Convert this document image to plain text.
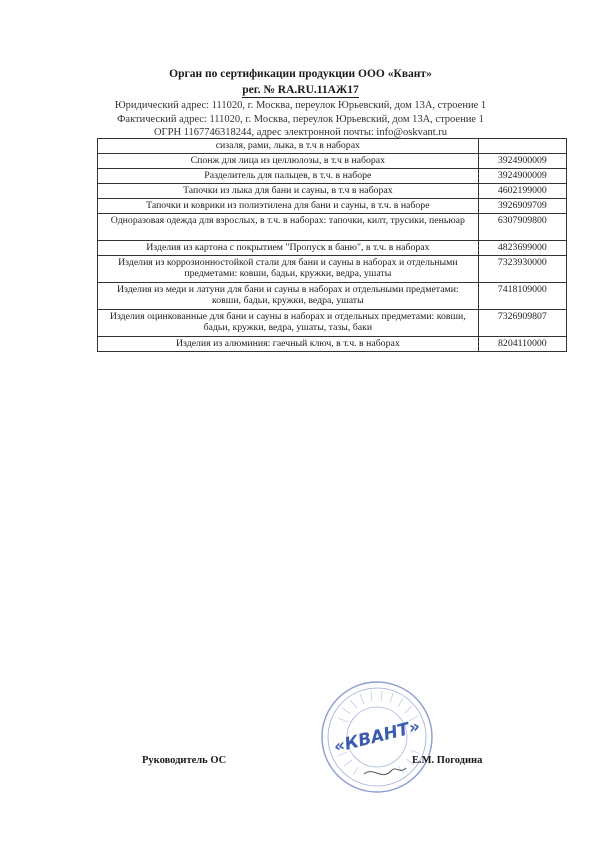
Орган по сертификации продукции ООО «Квант»
рег. № RA.RU.11АЖ17
Юридический адрес: 111020, г. Москва, переулок Юрьевский, дом 13А, строение 1
Фактический адрес: 111020, г. Москва, переулок Юрьевский, дом 13А, строение 1
ОГРН 1167746318244, адрес электронной почты: info@oskvant.ru
сизаля, рами, лыка, в т.ч в наборах	
Спонж для лица из целлюлозы, в т.ч в наборах	3924900009
Разделитель для пальцев, в т.ч. в наборе	3924900009
Тапочки из лыка для бани и сауны, в т.ч в наборах	4602199000
Тапочки и коврики из полиэтилена для бани и сауны, в т.ч. в наборе	3926909709
Одноразовая одежда для взрослых, в т.ч. в наборах: тапочки, килт, трусики, пеньюар	6307909800
Изделия из картона с покрытием "Пропуск в баню", в т.ч. в наборах	4823699000
Изделия из коррозионностойкой стали для бани и сауны в наборах и отдельными предметами: ковши, бадьи, кружки, ведра, ушаты	7323930000
Изделия из меди и латуни для бани и сауны в наборах и отдельными предметами: ковши, бадьи, кружки, ведра, ушаты	7418109000
Изделия оцинкованные для бани и сауны в наборах и отдельных предметами: ковши, бадьи, кружки, ведра, ушаты, тазы, баки	7326909807
Изделия из алюминия: гаечный ключ, в т.ч. в наборах	8204110000
Руководитель ОС
«КВАНТ»
Е.М. Погодина
